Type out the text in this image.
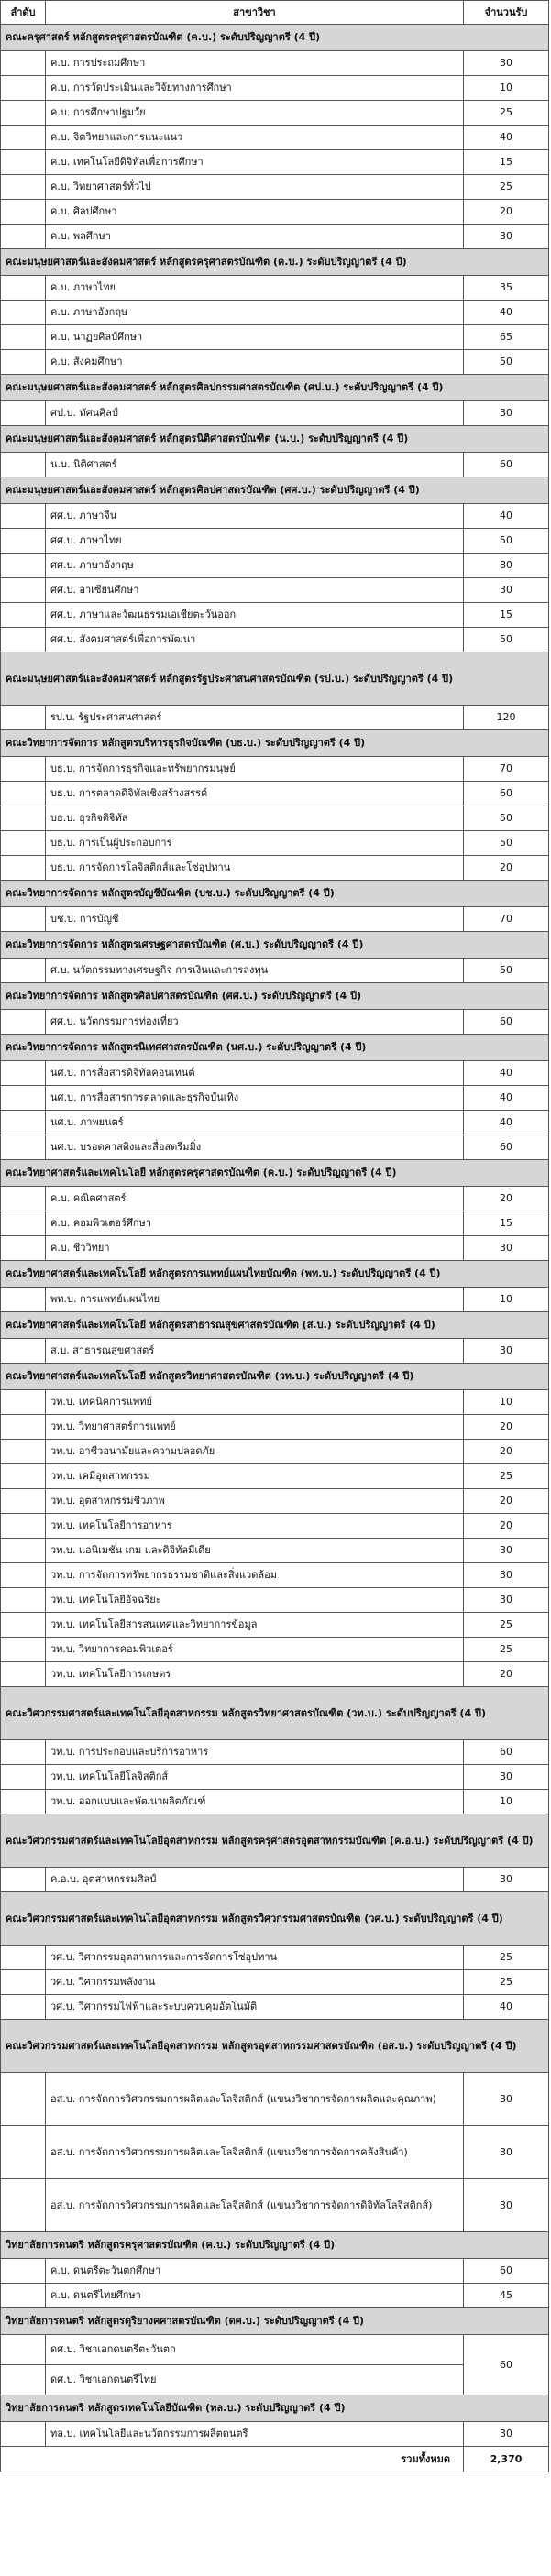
ลำดับ	สาขาวิชา	จำนวนรับ
คณะครุศาสตร์ หลักสูตรครุศาสตรบัณฑิต (ค.บ.) ระดับปริญญาตรี (4 ปี)		
	ค.บ. การประถมศึกษา	30
	ค.บ. การวัดประเมินและวิจัยทางการศึกษา	10
	ค.บ. การศึกษาปฐมวัย	25
	ค.บ. จิตวิทยาและการแนะแนว	40
	ค.บ. เทคโนโลยีดิจิทัลเพื่อการศึกษา	15
	ค.บ. วิทยาศาสตร์ทั่วไป	25
	ค.บ. ศิลปศึกษา	20
	ค.บ. พลศึกษา	30
คณะมนุษยศาสตร์และสังคมศาสตร์ หลักสูตรครุศาสตรบัณฑิต (ค.บ.) ระดับปริญญาตรี (4 ปี)		
	ค.บ. ภาษาไทย	35
	ค.บ. ภาษาอังกฤษ	40
	ค.บ. นาฏยศิลป์ศึกษา	65
	ค.บ. สังคมศึกษา	50
คณะมนุษยศาสตร์และสังคมศาสตร์ หลักสูตรศิลปกรรมศาสตรบัณฑิต (ศป.บ.) ระดับปริญญาตรี (4 ปี)		
	ศป.บ. ทัศนศิลป์	30
คณะมนุษยศาสตร์และสังคมศาสตร์ หลักสูตรนิติศาสตรบัณฑิต (น.บ.) ระดับปริญญาตรี (4 ปี)		
	น.บ. นิติศาสตร์	60
คณะมนุษยศาสตร์และสังคมศาสตร์ หลักสูตรศิลปศาสตรบัณฑิต (ศศ.บ.) ระดับปริญญาตรี (4 ปี)		
	ศศ.บ. ภาษาจีน	40
	ศศ.บ. ภาษาไทย	50
	ศศ.บ. ภาษาอังกฤษ	80
	ศศ.บ. อาเซียนศึกษา	30
	ศศ.บ. ภาษาและวัฒนธรรมเอเชียตะวันออก	15
	ศศ.บ. สังคมศาสตร์เพื่อการพัฒนา	50
คณะมนุษยศาสตร์และสังคมศาสตร์ หลักสูตรรัฐประศาสนศาสตรบัณฑิต (รป.บ.) ระดับปริญญาตรี (4 ปี)		
	รป.บ. รัฐประศาสนศาสตร์	120
คณะวิทยาการจัดการ หลักสูตรบริหารธุรกิจบัณฑิต (บธ.บ.) ระดับปริญญาตรี (4 ปี)		
	บธ.บ. การจัดการธุรกิจและทรัพยากรมนุษย์	70
	บธ.บ. การตลาดดิจิทัลเชิงสร้างสรรค์	60
	บธ.บ. ธุรกิจดิจิทัล	50
	บธ.บ. การเป็นผู้ประกอบการ	50
	บธ.บ. การจัดการโลจิสติกส์และโซ่อุปทาน	20
คณะวิทยาการจัดการ หลักสูตรบัญชีบัณฑิต (บช.บ.) ระดับปริญญาตรี (4 ปี)		
	บช.บ. การบัญชี	70
คณะวิทยาการจัดการ หลักสูตรเศรษฐศาสตรบัณฑิต (ศ.บ.) ระดับปริญญาตรี (4 ปี)		
	ศ.บ. นวัตกรรมทางเศรษฐกิจ การเงินและการลงทุน	50
คณะวิทยาการจัดการ หลักสูตรศิลปศาสตรบัณฑิต (ศศ.บ.) ระดับปริญญาตรี (4 ปี)		
	ศศ.บ. นวัตกรรมการท่องเที่ยว	60
คณะวิทยาการจัดการ หลักสูตรนิเทศศาสตรบัณฑิต (นศ.บ.) ระดับปริญญาตรี (4 ปี)		
	นศ.บ. การสื่อสารดิจิทัลคอนเทนต์	40
	นศ.บ. การสื่อสารการตลาดและธุรกิจบันเทิง	40
	นศ.บ. ภาพยนตร์	40
	นศ.บ. บรอดคาสติงและสื่อสตรีมมิ่ง	60
คณะวิทยาศาสตร์และเทคโนโลยี หลักสูตรครุศาสตรบัณฑิต (ค.บ.) ระดับปริญญาตรี (4 ปี)		
	ค.บ. คณิตศาสตร์	20
	ค.บ. คอมพิวเตอร์ศึกษา	15
	ค.บ. ชีววิทยา	30
คณะวิทยาศาสตร์และเทคโนโลยี หลักสูตรการแพทย์แผนไทยบัณฑิต (พท.บ.) ระดับปริญญาตรี (4 ปี)		
	พท.บ. การแพทย์แผนไทย	10
คณะวิทยาศาสตร์และเทคโนโลยี หลักสูตรสาธารณสุขศาสตรบัณฑิต (ส.บ.) ระดับปริญญาตรี (4 ปี)		
	ส.บ. สาธารณสุขศาสตร์	30
คณะวิทยาศาสตร์และเทคโนโลยี หลักสูตรวิทยาศาสตรบัณฑิต (วท.บ.) ระดับปริญญาตรี (4 ปี)		
	วท.บ. เทคนิคการแพทย์	10
	วท.บ. วิทยาศาสตร์การแพทย์	20
	วท.บ. อาชีวอนามัยและความปลอดภัย	20
	วท.บ. เคมีอุตสาหกรรม	25
	วท.บ. อุตสาหกรรมชีวภาพ	20
	วท.บ. เทคโนโลยีการอาหาร	20
	วท.บ. แอนิเมชัน เกม และดิจิทัลมีเดีย	30
	วท.บ. การจัดการทรัพยากรธรรมชาติและสิ่งแวดล้อม	30
	วท.บ. เทคโนโลยีอัจฉริยะ	30
	วท.บ. เทคโนโลยีสารสนเทศและวิทยาการข้อมูล	25
	วท.บ. วิทยาการคอมพิวเตอร์	25
	วท.บ. เทคโนโลยีการเกษตร	20
คณะวิศวกรรมศาสตร์และเทคโนโลยีอุตสาหกรรม หลักสูตรวิทยาศาสตรบัณฑิต (วท.บ.) ระดับปริญญาตรี (4 ปี)		
	วท.บ. การประกอบและบริการอาหาร	60
	วท.บ. เทคโนโลยีโลจิสติกส์	30
	วท.บ. ออกแบบและพัฒนาผลิตภัณฑ์	10
คณะวิศวกรรมศาสตร์และเทคโนโลยีอุตสาหกรรม หลักสูตรครุศาสตรอุตสาหกรรมบัณฑิต (ค.อ.บ.) ระดับปริญญาตรี (4 ปี)		
	ค.อ.บ. อุตสาหกรรมศิลป์	30
คณะวิศวกรรมศาสตร์และเทคโนโลยีอุตสาหกรรม หลักสูตรวิศวกรรมศาสตรบัณฑิต (วศ.บ.) ระดับปริญญาตรี (4 ปี)		
	วศ.บ. วิศวกรรมอุตสาหการและการจัดการโซ่อุปทาน	25
	วศ.บ. วิศวกรรมพลังงาน	25
	วศ.บ. วิศวกรรมไฟฟ้าและระบบควบคุมอัตโนมัติ	40
คณะวิศวกรรมศาสตร์และเทคโนโลยีอุตสาหกรรม หลักสูตรอุตสาหกรรมศาสตรบัณฑิต (อส.บ.) ระดับปริญญาตรี (4 ปี)		
	อส.บ. การจัดการวิศวกรรมการผลิตและโลจิสติกส์ (แขนงวิชาการจัดการผลิตและคุณภาพ)	30
	อส.บ. การจัดการวิศวกรรมการผลิตและโลจิสติกส์ (แขนงวิชาการจัดการคลังสินค้า)	30
	อส.บ. การจัดการวิศวกรรมการผลิตและโลจิสติกส์ (แขนงวิชาการจัดการดิจิทัลโลจิสติกส์)	30
วิทยาลัยการดนตรี หลักสูตรครุศาสตรบัณฑิต (ค.บ.) ระดับปริญญาตรี (4 ปี)		
	ค.บ. ดนตรีตะวันตกศึกษา	60
	ค.บ. ดนตรีไทยศึกษา	45
วิทยาลัยการดนตรี หลักสูตรดุริยางคศาสตรบัณฑิต (ดศ.บ.) ระดับปริญญาตรี (4 ปี)		
	ดศ.บ. วิชาเอกดนตรีตะวันตก	60
	ดศ.บ. วิชาเอกดนตรีไทย	
วิทยาลัยการดนตรี หลักสูตรเทคโนโลยีบัณฑิต (ทล.บ.) ระดับปริญญาตรี (4 ปี)		
	ทล.บ. เทคโนโลยีและนวัตกรรมการผลิตดนตรี	30
รวมทั้งหมด		2,370
